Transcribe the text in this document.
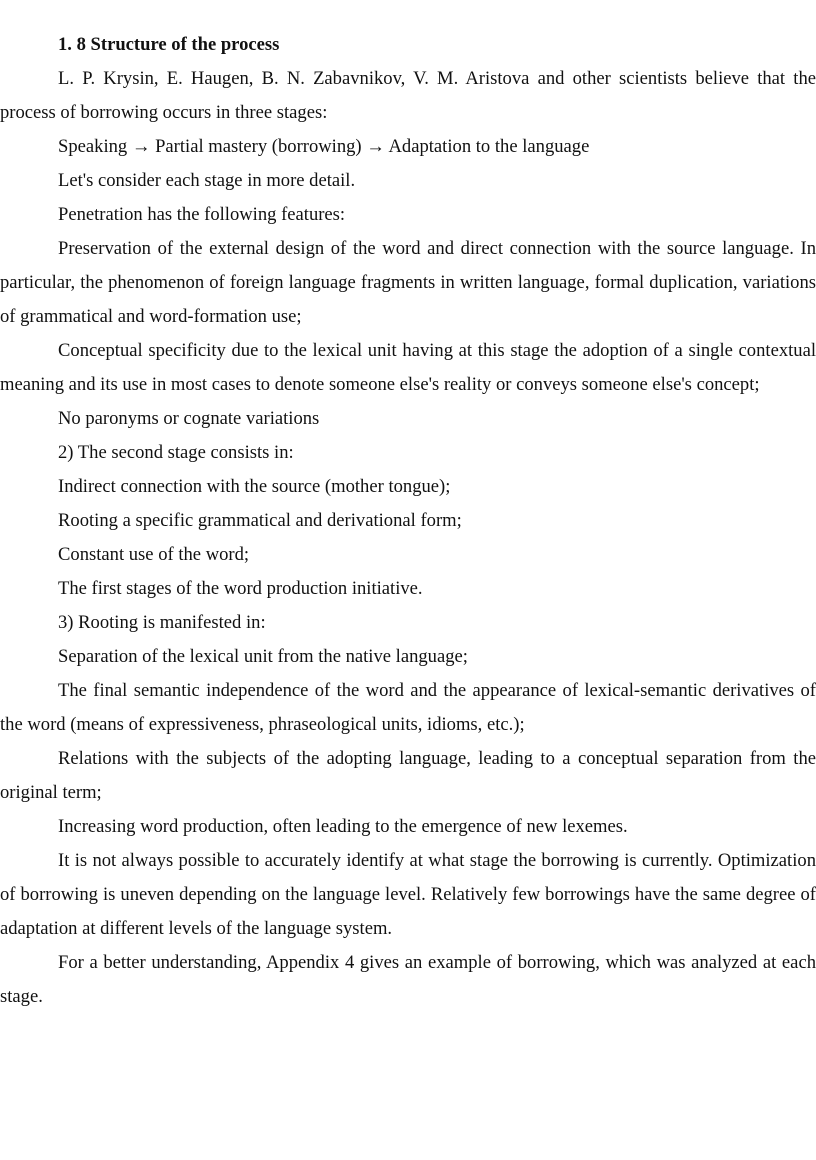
1. 8 Structure of the process

L. P. Krysin, E. Haugen, B. N. Zabavnikov, V. M. Aristova and other scientists believe that the process of borrowing occurs in three stages:

Speaking → Partial mastery (borrowing) → Adaptation to the language

Let's consider each stage in more detail.

Penetration has the following features:

Preservation of the external design of the word and direct connection with the source language. In particular, the phenomenon of foreign language fragments in written language, formal duplication, variations of grammatical and word-formation use;

Conceptual specificity due to the lexical unit having at this stage the adoption of a single contextual meaning and its use in most cases to denote someone else's reality or conveys someone else's concept;

No paronyms or cognate variations

2) The second stage consists in:

Indirect connection with the source (mother tongue);

Rooting a specific grammatical and derivational form;

Constant use of the word;

The first stages of the word production initiative.

3) Rooting is manifested in:

Separation of the lexical unit from the native language;

The final semantic independence of the word and the appearance of lexical-semantic derivatives of the word (means of expressiveness, phraseological units, idioms, etc.);

Relations with the subjects of the adopting language, leading to a conceptual separation from the original term;

Increasing word production, often leading to the emergence of new lexemes.

It is not always possible to accurately identify at what stage the borrowing is currently. Optimization of borrowing is uneven depending on the language level. Relatively few borrowings have the same degree of adaptation at different levels of the language system.

For a better understanding, Appendix 4 gives an example of borrowing, which was analyzed at each stage.
